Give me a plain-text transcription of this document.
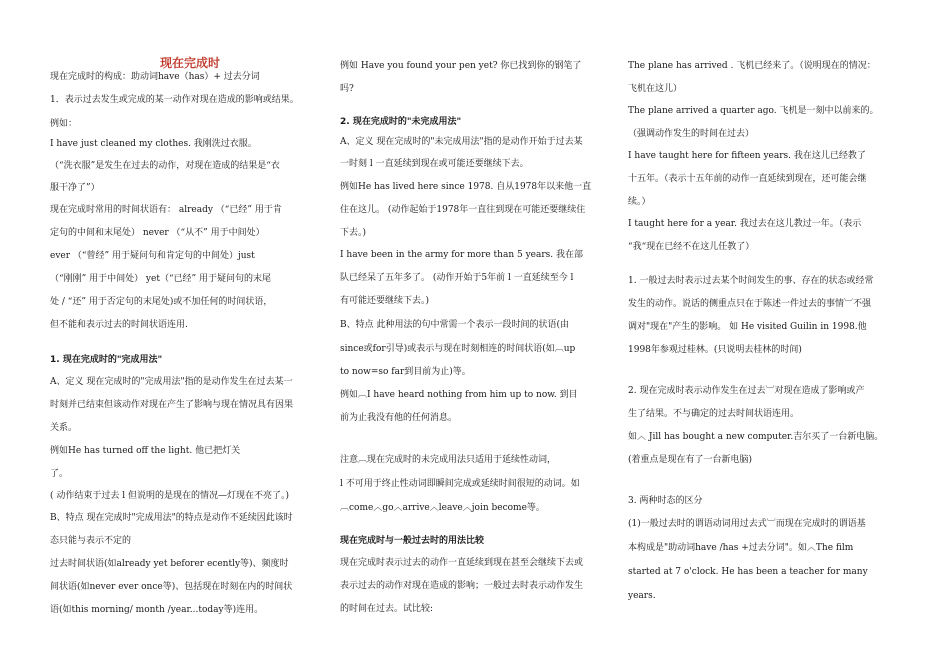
现在完成时

现在完成时的构成：助动词have（has）+ 过去分词

1．表示过去发生或完成的某一动作对现在造成的影响或结果。

例如：

I have just cleaned my clothes. 我刚洗过衣服。

（“洗衣服”是发生在过去的动作，对现在造成的结果是“衣

服干净了”）

现在完成时常用的时间状语有： already （“已经” 用于肯

定句的中间和末尾处） never （“从不” 用于中间处）

ever （“曾经” 用于疑问句和肯定句的中间处）just

（“刚刚” 用于中间处） yet（“已经” 用于疑问句的末尾

处 / “还” 用于否定句的末尾处)或不加任何的时间状语，

但不能和表示过去的时间状语连用.

1. 现在完成时的"完成用法"

A、定义 现在完成时的"完成用法"指的是动作发生在过去某一

时刻并已结束但该动作对现在产生了影响与现在情况具有因果

关系。

例如He has turned off the light. 他已把灯关

了。

( 动作结束于过去 l 但说明的是现在的情况—灯现在不亮了。)

B、特点 现在完成时"完成用法"的特点是动作不延续因此该时

态只能与表示不定的

过去时间状语(如already yet beforer ecently等)、频度时

间状语(如never ever once等)、包括现在时刻在内的时间状

语(如this morning/ month /year...today等)连用。

例如 Have you found your pen yet? 你已找到你的钢笔了

吗?

2. 现在完成时的"未完成用法"

A、定义 现在完成时的"未完成用法"指的是动作开始于过去某

一时刻 l 一直延续到现在或可能还要继续下去。

例如He has lived here since 1978. 自从1978年以来他一直

住在这儿。 (动作起始于1978年一直往到现在可能还要继续住

下去。)

I have been in the army for more than 5 years. 我在部

队已经呆了五年多了。 (动作开始于5年前 l 一直延续至今 l

有可能还要继续下去。)

B、特点 此种用法的句中常需一个表示一段时间的状语(由

since或for引导)或表示与现在时刻相连的时间状语(如︹up

to now=so far到目前为止)等。

例如︹I have heard nothing from him up to now. 到目

前为止我没有他的任何消息。

注意︹现在完成时的未完成用法只适用于延续性动词，

l 不可用于终止性动词即瞬间完成或延续时间很短的动词。如

︹come︿go︿arrive︿leave︿join become等。

现在完成时与一般过去时的用法比较

现在完成时表示过去的动作一直延续到现在甚至会继续下去或

表示过去的动作对现在造成的影响；一般过去时表示动作发生

的时间在过去。试比较:

The plane has arrived . 飞机已经来了。（说明现在的情况：

飞机在这儿）

The plane arrived a quarter ago. 飞机是一刻中以前来的。

（强调动作发生的时间在过去）

I have taught here for fifteen years. 我在这儿已经教了

十五年。（表示十五年前的动作一直延续到现在，还可能会继

续。）

I taught here for a year. 我过去在这儿教过一年。（表示

“我“现在已经不在这儿任教了）

1. 一般过去时表示过去某个时间发生的事、存在的状态或经常

发生的动作。说话的侧重点只在于陈述一件过去的事情︺不强

调对"现在"产生的影响。 如 He visited Guilin in 1998.他

1998年参观过桂林。(只说明去桂林的时间)

2. 现在完成时表示动作发生在过去︺对现在造成了影响或产

生了结果。不与确定的过去时间状语连用。

如︿ Jill has bought a new computer.吉尔买了一台新电脑。

(着重点是现在有了一台新电脑)

3. 两种时态的区分

(1)一般过去时的谓语动词用过去式︺而现在完成时的谓语基

本构成是"助动词have /has +过去分词"。如︿The film

started at 7 o'clock. He has been a teacher for many

years.
